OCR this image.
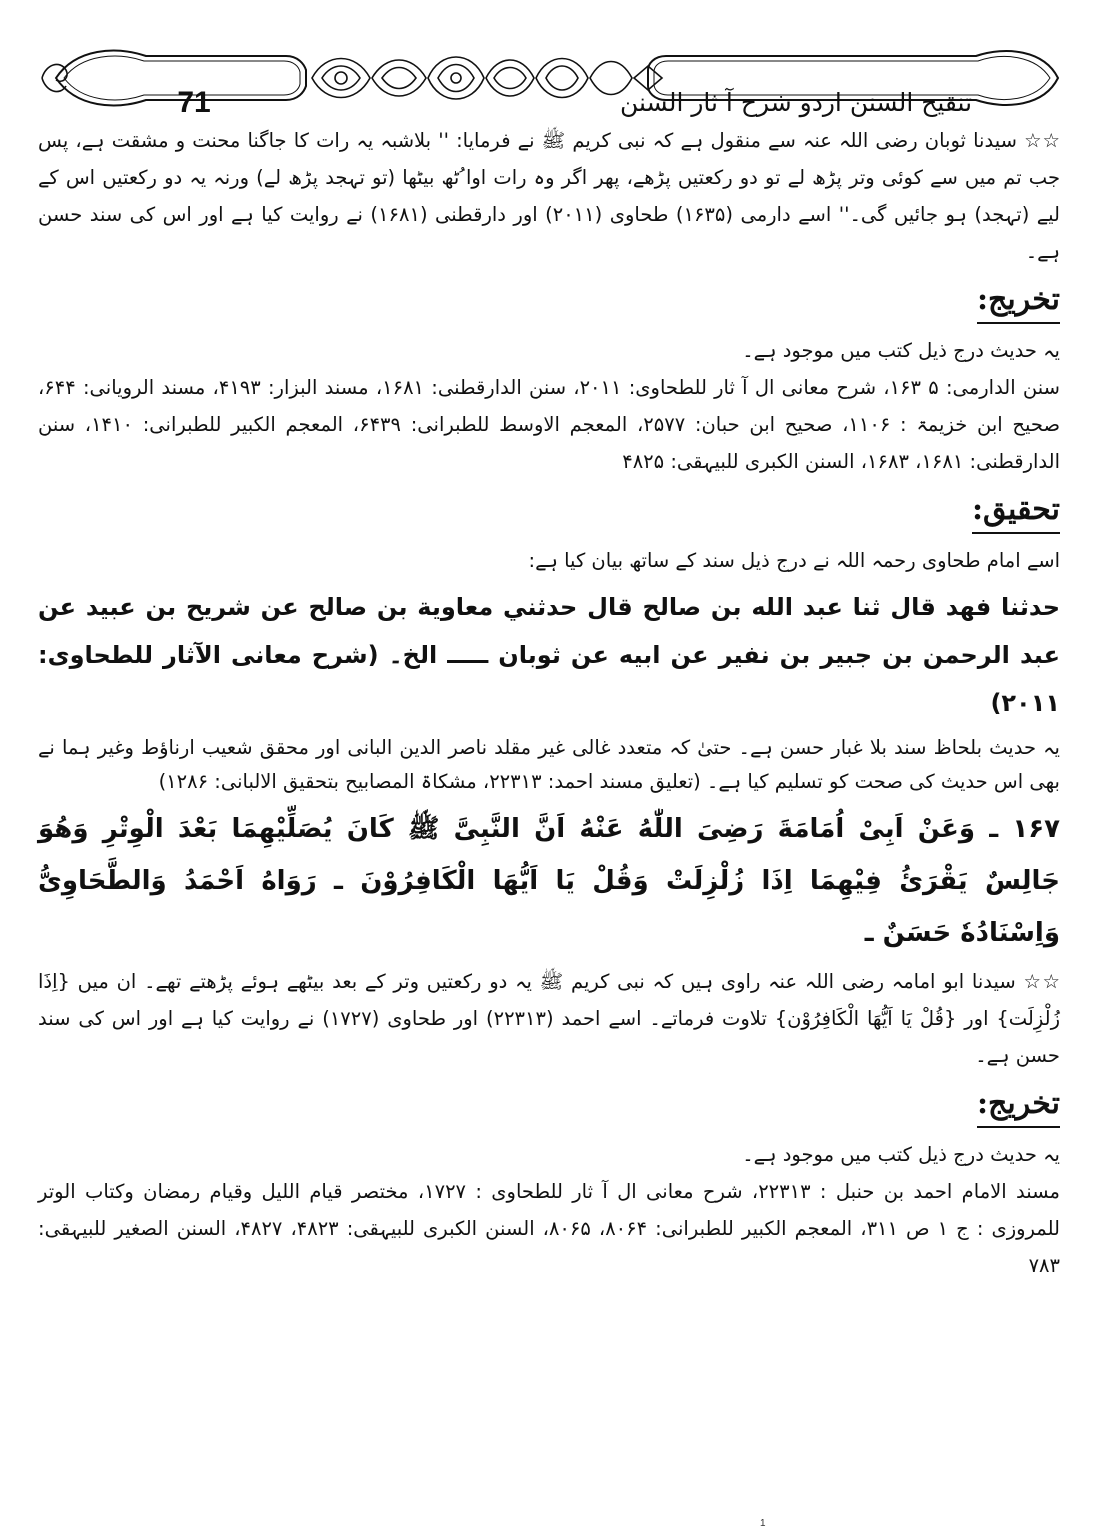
71	تنقیح السنن اردو شرح آ ثار السنن

☆☆ سیدنا ثوبان رضی اللہ عنہ سے منقول ہے کہ نبی کریم ﷺ نے فرمایا: '' بلاشبہ یہ رات کا جاگنا محنت و مشقت ہے، پس جب تم میں سے کوئی وتر پڑھ لے تو دو رکعتیں پڑھے، پھر اگر وہ رات اوا ُٹھ بیٹھا (تو تہجد پڑھ لے) ورنہ یہ دو رکعتیں اس کے لیے (تہجد) ہو جائیں گی۔'' اسے دارمی (۱۶۳۵) طحاوی (۲۰۱۱) اور دارقطنی (۱۶۸۱) نے روایت کیا ہے اور اس کی سند حسن ہے۔

تخریج:

یہ حدیث درج ذیل کتب میں موجود ہے۔

سنن الدارمی: ۵ ۱۶۳، شرح معانی ال آ ثار للطحاوی: ۲۰۱۱، سنن الدارقطنی: ۱۶۸۱، مسند البزار: ۴۱۹۳، مسند الرویانی: ۶۴۴، صحیح ابن خزیمۃ : ۱۱۰۶، صحیح ابن حبان: ۲۵۷۷، المعجم الاوسط للطبرانی: ۶۴۳۹، المعجم الکبیر للطبرانی: ۱۴۱۰، سنن الدارقطنی: ۱۶۸۱، ۱۶۸۳، السنن الکبری للبیہقی: ۴۸۲۵

تحقیق:

اسے امام طحاوی رحمہ اللہ نے درج ذیل سند کے ساتھ بیان کیا ہے:

حدثنا فهد قال ثنا عبد الله بن صالح قال حدثني معاوية بن صالح عن شريح بن عبيد عن عبد الرحمن بن جبير بن نفير عن ابيه عن ثوبان ـــــ الخ۔ (شرح معانی الآثار للطحاوی: ۲۰۱۱)

یہ حدیث بلحاظ سند بلا غبار حسن ہے۔ حتیٰ کہ متعدد غالی غیر مقلد ناصر الدین البانی اور محقق شعیب ارناؤط وغیر ہما نے بھی اس حدیث کی صحت کو تسلیم کیا ہے۔ (تعلیق مسند احمد: ۲۲۳۱۳، مشکاۃ المصابیح بتحقیق الالبانی: ۱۲۸۶)

۱۶۷ ـ وَعَنْ اَبِیْ اُمَامَةَ رَضِیَ اللّٰهُ عَنْهُ اَنَّ النَّبِیَّ ﷺ كَانَ يُصَلِّيْهِمَا بَعْدَ الْوِتْرِ وَهُوَ جَالِسٌ يَقْرَئُ فِيْهِمَا اِذَا زُلْزِلَتْ وَقُلْ يَا اَيُّهَا الْكَافِرُوْنَ ـ رَوَاهُ اَحْمَدُ وَالطَّحَاوِیُّ وَاِسْنَادُهٗ حَسَنٌ ـ

☆☆ سیدنا ابو امامہ رضی اللہ عنہ راوی ہیں کہ نبی کریم ﷺ یہ دو رکعتیں وتر کے بعد بیٹھے ہوئے پڑھتے تھے۔ ان میں {اِذَا زُلْزِلَت} اور {قُلْ يَا اَيُّهَا الْكَافِرُوْن} تلاوت فرماتے۔ اسے احمد (۲۲۳۱۳) اور طحاوی (۱۷۲۷) نے روایت کیا ہے اور اس کی سند حسن ہے۔

تخریج:

یہ حدیث درج ذیل کتب میں موجود ہے۔

مسند الامام احمد بن حنبل : ۲۲۳۱۳، شرح معانی ال آ ثار للطحاوی : ۱۷۲۷، مختصر قیام اللیل وقیام رمضان وکتاب الوتر للمروزی : ج ۱ ص ۳۱۱، المعجم الکبیر للطبرانی: ۸۰۶۴، ۸۰۶۵، السنن الکبری للبیہقی: ۴۸۲۳، ۴۸۲۷، السنن الصغیر للبیہقی: ۷۸۳

1
